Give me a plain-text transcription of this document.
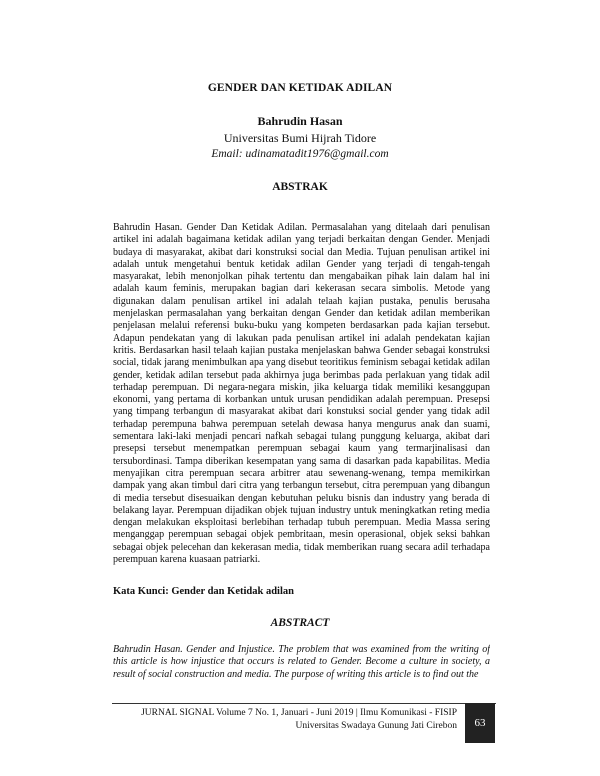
GENDER DAN KETIDAK ADILAN
Bahrudin Hasan
Universitas Bumi Hijrah Tidore
Email: udinamatadit1976@gmail.com
ABSTRAK

Bahrudin Hasan. Gender Dan Ketidak Adilan. Permasalahan yang ditelaah dari penulisan artikel ini adalah bagaimana ketidak adilan yang terjadi berkaitan dengan Gender. Menjadi budaya di masyarakat, akibat dari konstruksi social dan Media. Tujuan penulisan artikel ini adalah untuk mengetahui bentuk ketidak adilan Gender yang terjadi di tengah-tengah masyarakat, lebih menonjolkan pihak tertentu dan mengabaikan pihak lain dalam hal ini adalah kaum feminis, merupakan bagian dari kekerasan secara simbolis. Metode yang digunakan dalam penulisan artikel ini adalah telaah kajian pustaka, penulis berusaha menjelaskan permasalahan yang berkaitan dengan Gender dan ketidak adilan memberikan penjelasan melalui referensi buku-buku yang kompeten berdasarkan pada kajian tersebut. Adapun pendekatan yang di lakukan pada penulisan artikel ini adalah pendekatan kajian kritis. Berdasarkan hasil telaah kajian pustaka menjelaskan bahwa Gender sebagai konstruksi social, tidak jarang menimbulkan apa yang disebut teoritikus feminism sebagai ketidak adilan gender, ketidak adilan tersebut pada akhirnya juga berimbas pada perlakuan yang tidak adil terhadap perempuan. Di negara-negara miskin, jika keluarga tidak memiliki kesanggupan ekonomi, yang pertama di korbankan untuk urusan pendidikan adalah perempuan. Presepsi yang timpang terbangun di masyarakat akibat dari konstuksi social gender yang tidak adil terhadap perempuna bahwa perempuan setelah dewasa hanya mengurus anak dan suami, sementara laki-laki menjadi pencari nafkah sebagai tulang punggung keluarga, akibat dari presepsi tersebut menempatkan perempuan sebagai kaum yang termarjinalisasi dan tersubordinasi. Tampa diberikan kesempatan yang sama di dasarkan pada kapabilitas. Media menyajikan citra perempuan secara arbitrer atau sewenang-wenang, tempa memikirkan dampak yang akan timbul dari citra yang terbangun tersebut, citra perempuan yang dibangun di media tersebut disesuaikan dengan kebutuhan peluku bisnis dan industry yang berada di belakang layar. Perempuan dijadikan objek tujuan industry untuk meningkatkan reting media dengan melakukan eksploitasi berlebihan terhadap tubuh perempuan. Media Massa sering menganggap perempuan sebagai objek pembritaan, mesin operasional, objek seksi bahkan sebagai objek pelecehan dan kekerasan media, tidak memberikan ruang secara adil terhadapa perempuan karena kuasaan patriarki.

Kata Kunci: Gender dan Ketidak adilan
ABSTRACT

Bahrudin Hasan. Gender and Injustice. The problem that was examined from the writing of this article is how injustice that occurs is related to Gender. Become a culture in society, a result of social construction and media. The purpose of writing this article is to find out the

JURNAL SIGNAL Volume 7 No. 1, Januari - Juni 2019 | Ilmu Komunikasi - FISIP
Universitas Swadaya Gunung Jati Cirebon	63
